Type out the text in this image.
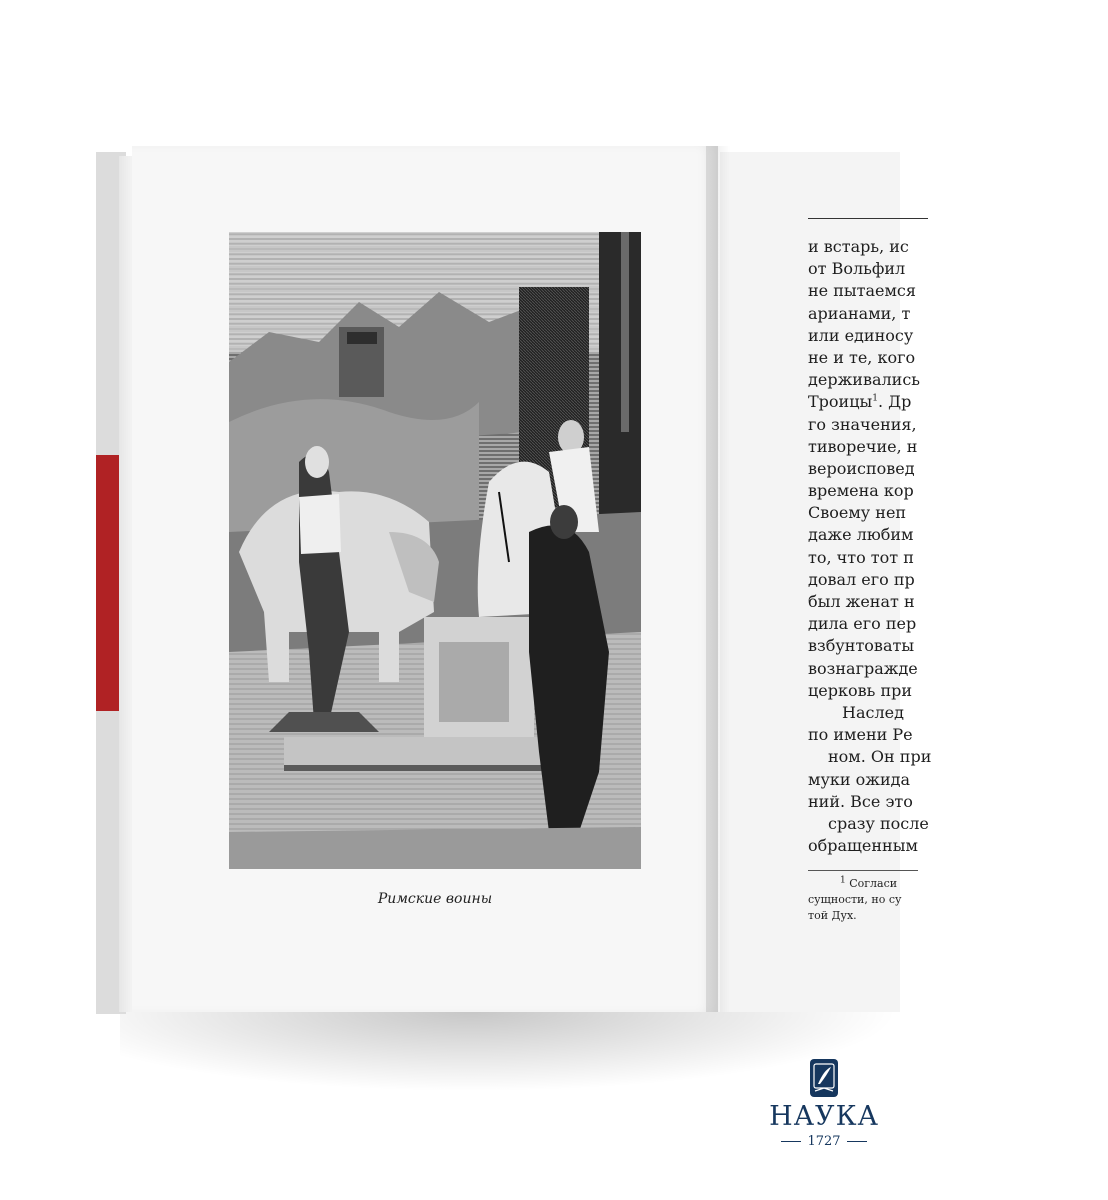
и встарь, ис
от Вольфил
не пытаемся
арианами, т
или единосу
не и те, кого
держивались
Троицы$^1$. Др
го значения,
тиворечие, н
вероисповед
времена кор
Своему неп
даже любим
то, что тот п
довал его пр
был женат н
дила его пер
взбунтоваты
вознагражде
церковь при
Наслед
по имени Ре
ном. Он при
муки ожида
ний. Все это
сразу после
обращенным
$^1$ Согласи
сущности, но су
той Дух.
Римские воины
НАУКА
1727
